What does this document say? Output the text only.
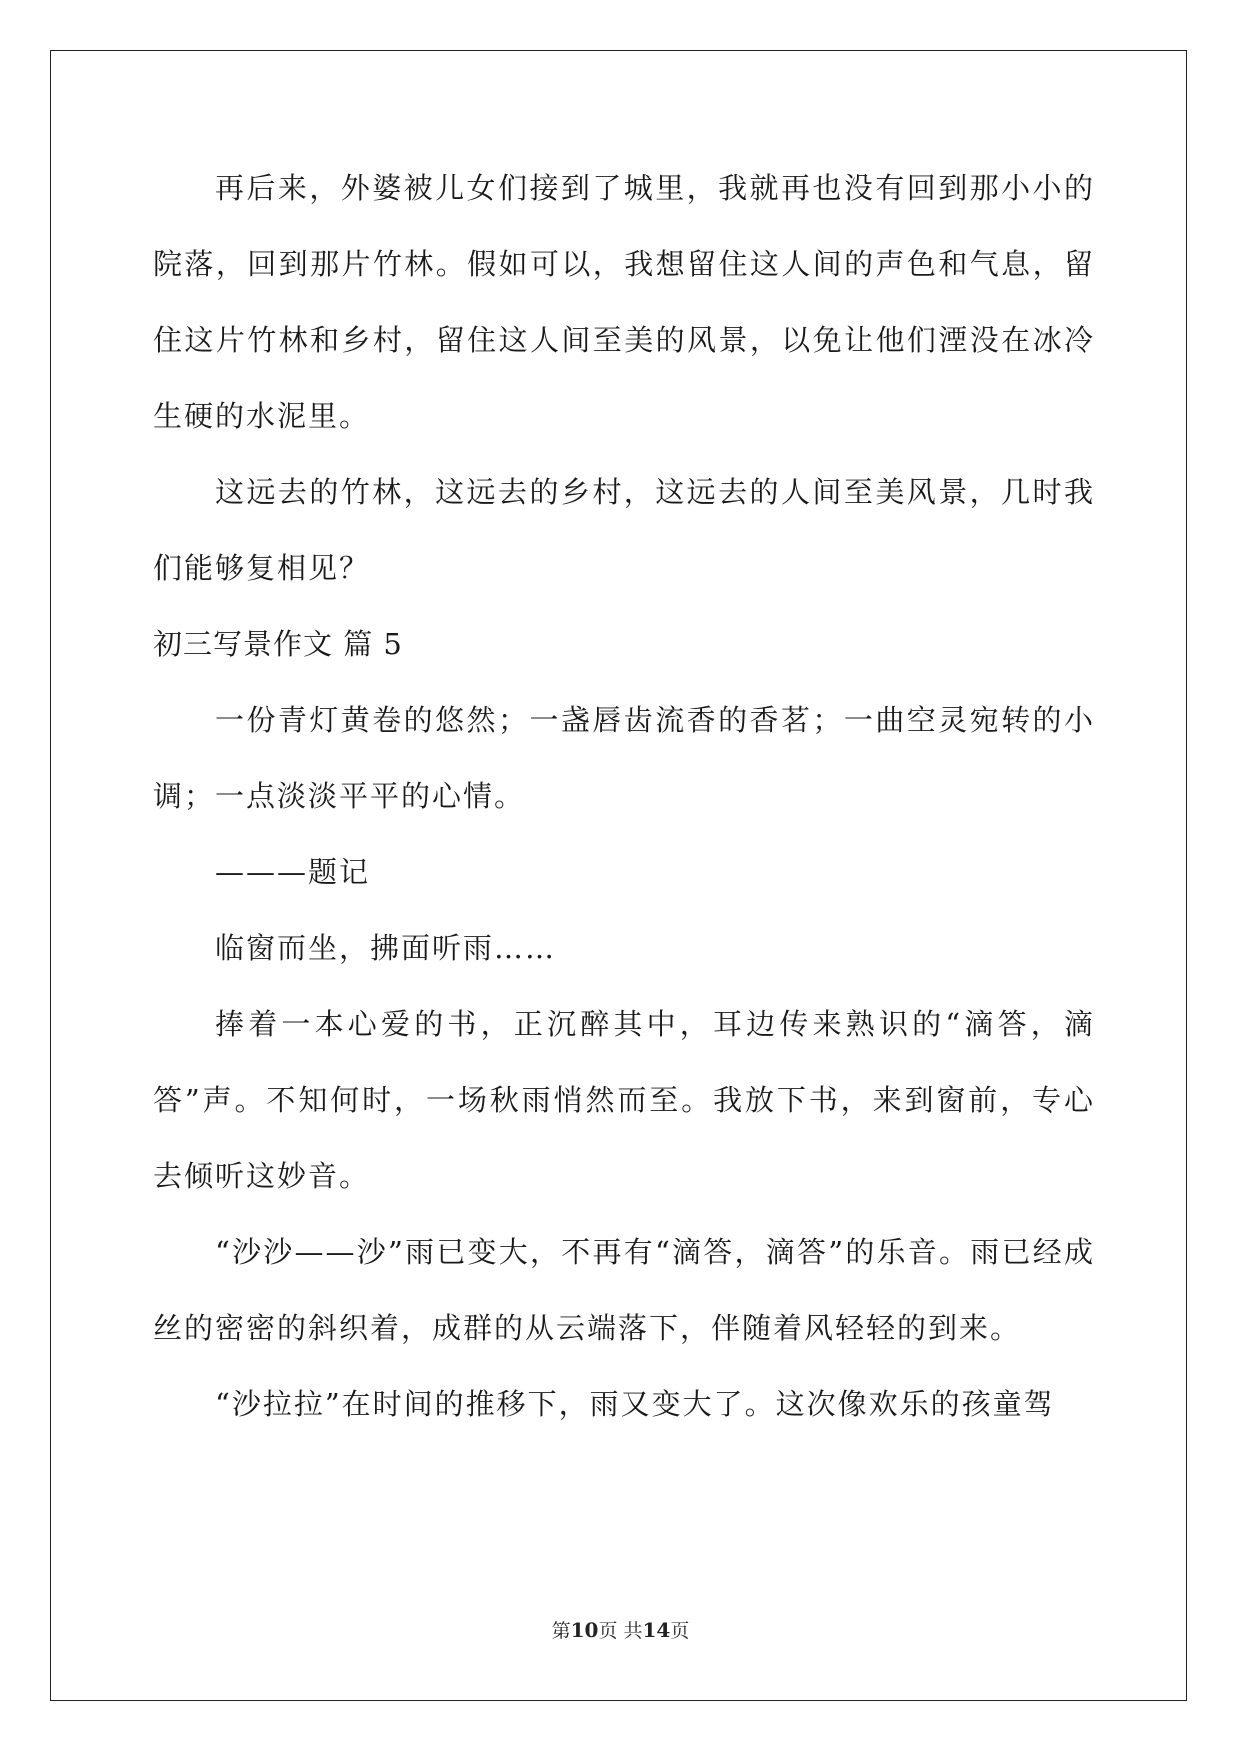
再后来，外婆被儿女们接到了城里，我就再也没有回到那小小的院落，回到那片竹林。假如可以，我想留住这人间的声色和气息，留住这片竹林和乡村，留住这人间至美的风景，以免让他们湮没在冰冷生硬的水泥里。

这远去的竹林，这远去的乡村，这远去的人间至美风景，几时我们能够复相见？

初三写景作文 篇 5

一份青灯黄卷的悠然；一盏唇齿流香的香茗；一曲空灵宛转的小调；一点淡淡平平的心情。

———题记

临窗而坐，拂面听雨……

捧着一本心爱的书，正沉醉其中，耳边传来熟识的“滴答，滴答”声。不知何时，一场秋雨悄然而至。我放下书，来到窗前，专心去倾听这妙音。

“沙沙——沙”雨已变大，不再有“滴答，滴答”的乐音。雨已经成丝的密密的斜织着，成群的从云端落下，伴随着风轻轻的到来。

“沙拉拉”在时间的推移下，雨又变大了。这次像欢乐的孩童驾

第10页 共14页
